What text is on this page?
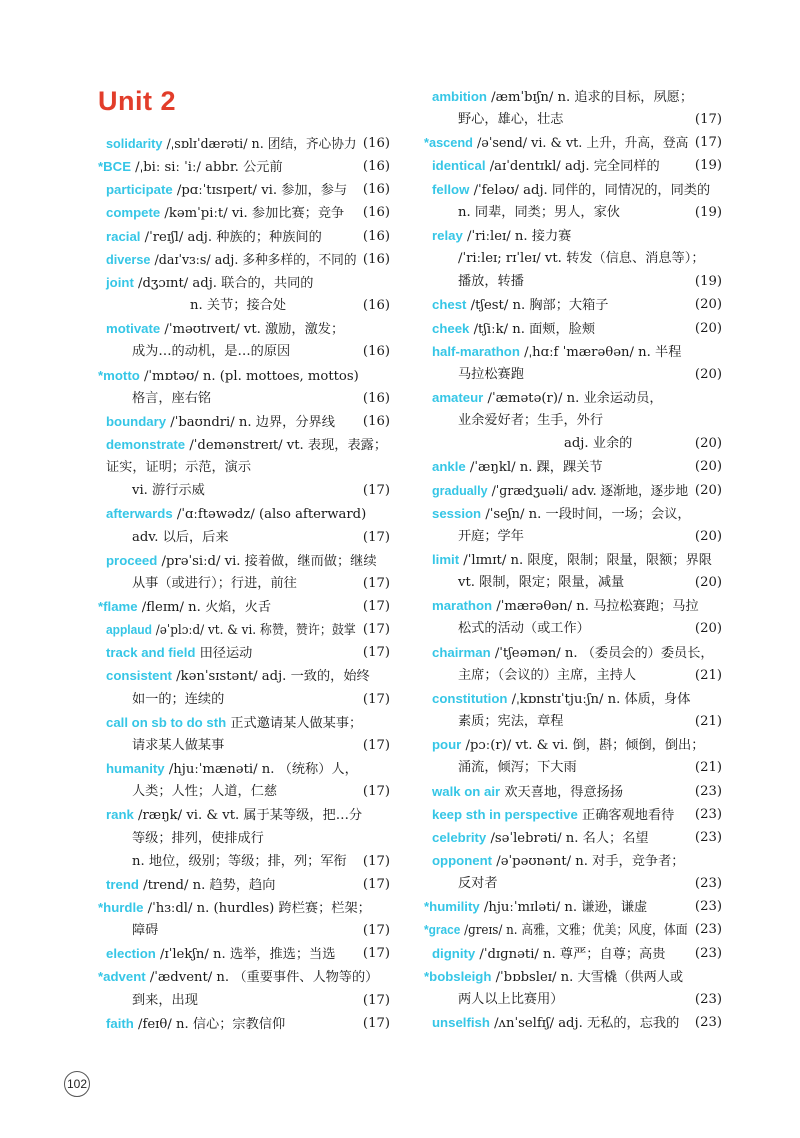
Unit 2
solidarity /ˌsɒlɪˈdærəti/ n. 团结，齐心协力 (16)
*BCE /ˌbiː siː ˈiː/ abbr. 公元前	(16)
participate /pɑːˈtɪsɪpeɪt/ vi. 参加，参与 (16)
compete /kəmˈpiːt/ vi. 参加比赛；竞争 (16)
racial /ˈreɪʃl/ adj. 种族的；种族间的	(16)
diverse /daɪˈvɜːs/ adj. 多种多样的，不同的 (16)
joint /dʒɔɪnt/ adj. 联合的，共同的
n. 关节；接合处	(16)
motivate /ˈməʊtɪveɪt/ vt. 激励，激发；
成为…的动机，是…的原因	(16)
*motto /ˈmɒtəʊ/ n. (pl. mottoes, mottos)
格言，座右铭	(16)
boundary /ˈbaʊndri/ n. 边界，分界线 (16)
demonstrate /ˈdemənstreɪt/ vt. 表现，表露；
证实，证明；示范，演示
vi. 游行示威	(17)
afterwards /ˈɑːftəwədz/ (also afterward)
adv. 以后，后来	(17)
proceed /prəˈsiːd/ vi. 接着做，继而做；继续
从事（或进行）；行进，前往	(17)
*flame /fleɪm/ n. 火焰，火舌	(17)
applaud /əˈplɔːd/ vt. & vi. 称赞，赞许；鼓掌 (17)
track and field 田径运动	(17)
consistent /kənˈsɪstənt/ adj. 一致的，始终
如一的；连续的	(17)
call on sb to do sth 正式邀请某人做某事；
请求某人做某事	(17)
humanity /hjuːˈmænəti/ n. （统称）人，
人类；人性；人道，仁慈	(17)
rank /ræŋk/ vi. & vt. 属于某等级，把…分
等级；排列，使排成行
n. 地位，级别；等级；排，列；军衔 (17)
trend /trend/ n. 趋势，趋向	(17)
*hurdle /ˈhɜːdl/ n. (hurdles) 跨栏赛；栏架；
障碍	(17)
election /ɪˈlekʃn/ n. 选举，推选；当选 (17)
*advent /ˈædvent/ n. （重要事件、人物等的）
到来，出现	(17)
faith /feɪθ/ n. 信心；宗教信仰	(17)
ambition /æmˈbɪʃn/ n. 追求的目标，夙愿；
野心，雄心，壮志	(17)
*ascend /əˈsend/ vi. & vt. 上升，升高，登高 (17)
identical /aɪˈdentɪkl/ adj. 完全同样的	(19)
fellow /ˈfeləʊ/ adj. 同伴的，同情况的，同类的
n. 同辈，同类；男人，家伙	(19)
relay /ˈriːleɪ/ n. 接力赛
/ˈriːleɪ; rɪˈleɪ/ vt. 转发（信息、消息等）；
播放，转播	(19)
chest /tʃest/ n. 胸部；大箱子	(20)
cheek /tʃiːk/ n. 面颊，脸颊	(20)
half-marathon /ˌhɑːf ˈmærəθən/ n. 半程
马拉松赛跑	(20)
amateur /ˈæmətə(r)/ n. 业余运动员，
业余爱好者；生手，外行
adj. 业余的	(20)
ankle /ˈæŋkl/ n. 踝，踝关节	(20)
gradually /ˈɡrædʒuəli/ adv. 逐渐地，逐步地 (20)
session /ˈseʃn/ n. 一段时间，一场；会议，
开庭；学年	(20)
limit /ˈlɪmɪt/ n. 限度，限制；限量，限额；界限
vt. 限制，限定；限量，减量	(20)
marathon /ˈmærəθən/ n. 马拉松赛跑；马拉
松式的活动（或工作）	(20)
chairman /ˈtʃeəmən/ n. （委员会的）委员长，
主席；（会议的）主席，主持人	(21)
constitution /ˌkɒnstɪˈtjuːʃn/ n. 体质，身体
素质；宪法，章程	(21)
pour /pɔː(r)/ vt. & vi. 倒，斟；倾倒，倒出；
涌流，倾泻；下大雨	(21)
walk on air 欢天喜地，得意扬扬	(23)
keep sth in perspective 正确客观地看待 (23)
celebrity /səˈlebrəti/ n. 名人；名望	(23)
opponent /əˈpəʊnənt/ n. 对手，竞争者；
反对者	(23)
*humility /hjuːˈmɪləti/ n. 谦逊，谦虚	(23)
*grace /ɡreɪs/ n. 高雅，文雅；优美；风度，体面 (23)
dignity /ˈdɪɡnəti/ n. 尊严；自尊；高贵 (23)
*bobsleigh /ˈbɒbsleɪ/ n. 大雪橇（供两人或
两人以上比赛用）	(23)
unselfish /ʌnˈselfɪʃ/ adj. 无私的，忘我的 (23)
102
